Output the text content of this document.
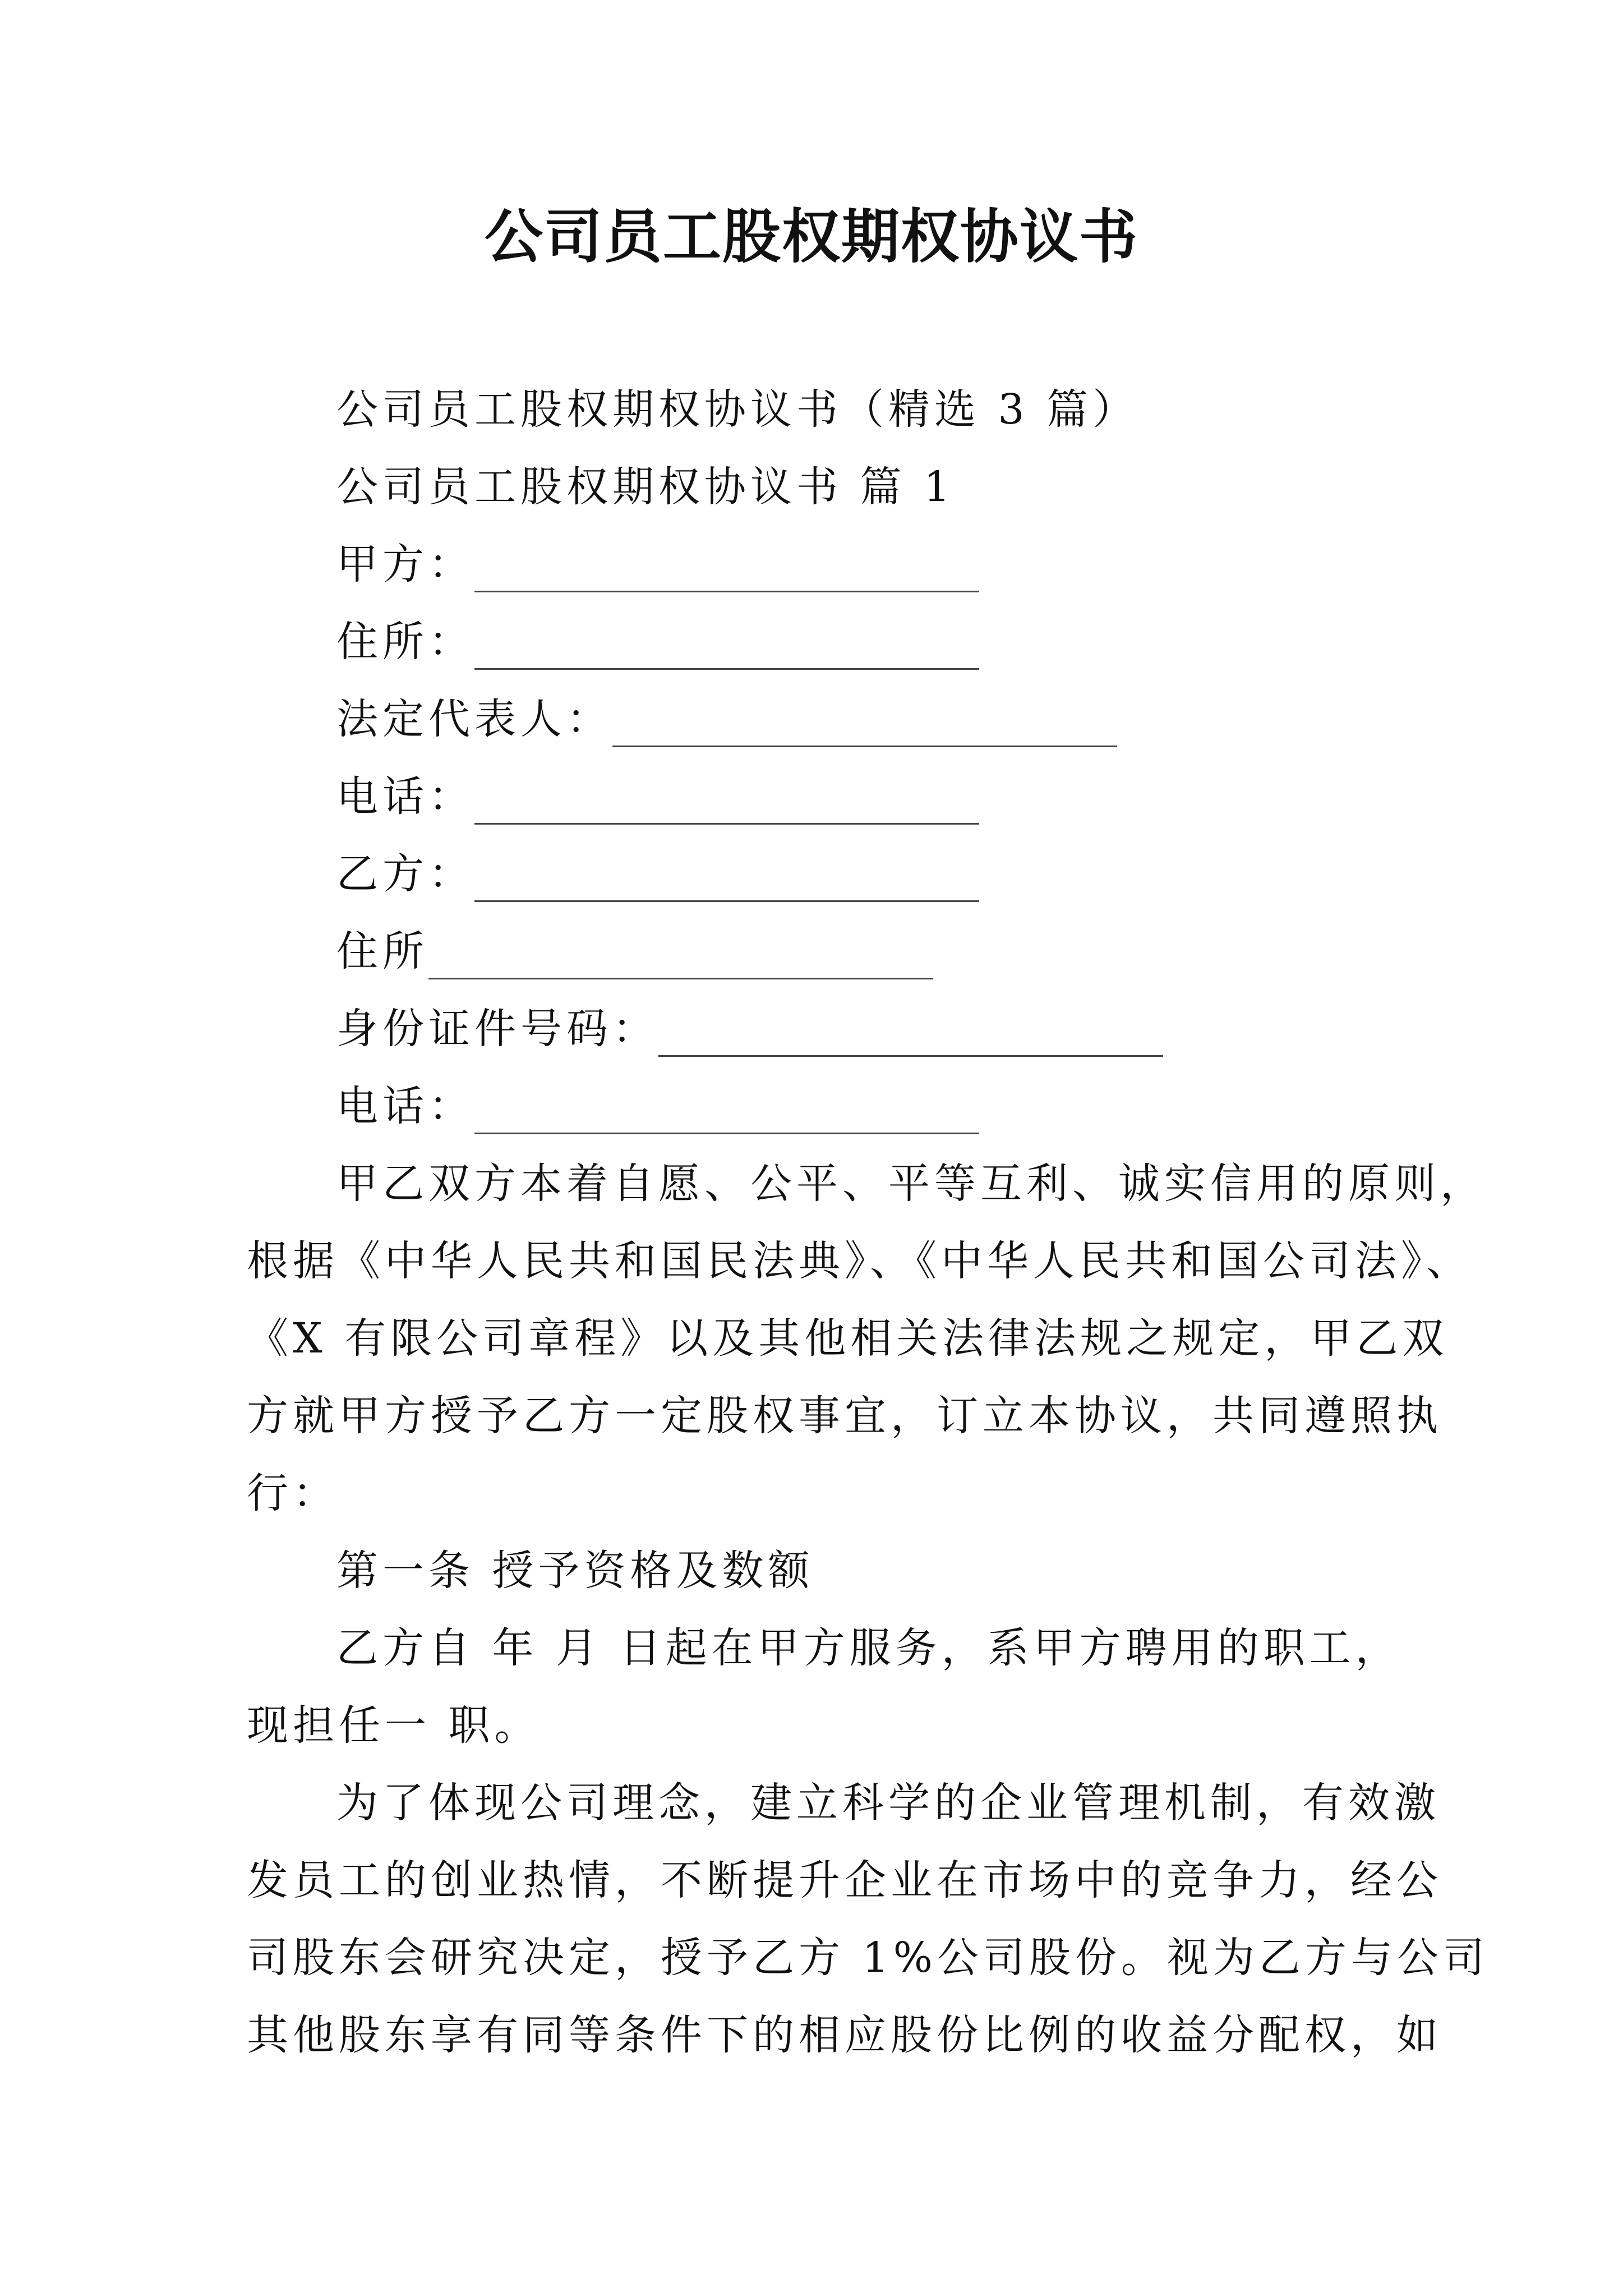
公司员工股权期权协议书
公司员工股权期权协议书（精选 3 篇）
公司员工股权期权协议书 篇 1
甲方：
住所：
法定代表人：
电话：
乙方：
住所
身份证件号码：
电话：
甲乙双方本着自愿、公平、平等互利、诚实信用的原则，
根据《中华人民共和国民法典》、《中华人民共和国公司法》、
《X 有限公司章程》以及其他相关法律法规之规定，甲乙双
方就甲方授予乙方一定股权事宜，订立本协议，共同遵照执
行：
第一条 授予资格及数额
乙方自 年 月 日起在甲方服务，系甲方聘用的职工，
现担任一 职。
为了体现公司理念，建立科学的企业管理机制，有效激
发员工的创业热情，不断提升企业在市场中的竞争力，经公
司股东会研究决定，授予乙方 1%公司股份。视为乙方与公司
其他股东享有同等条件下的相应股份比例的收益分配权，如
